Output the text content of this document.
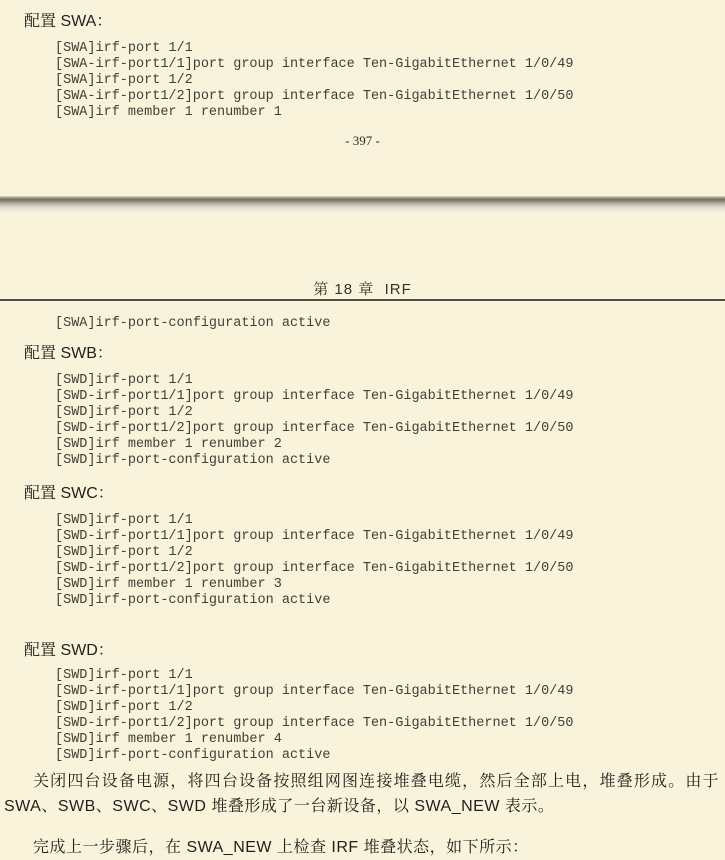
配置 SWA：
[SWA]irf-port 1/1
[SWA-irf-port1/1]port group interface Ten-GigabitEthernet 1/0/49
[SWA]irf-port 1/2
[SWA-irf-port1/2]port group interface Ten-GigabitEthernet 1/0/50
[SWA]irf member 1 renumber 1
- 397 -
第 18 章  IRF
[SWA]irf-port-configuration active
配置 SWB：
[SWD]irf-port 1/1
[SWD-irf-port1/1]port group interface Ten-GigabitEthernet 1/0/49
[SWD]irf-port 1/2
[SWD-irf-port1/2]port group interface Ten-GigabitEthernet 1/0/50
[SWD]irf member 1 renumber 2
[SWD]irf-port-configuration active
配置 SWC：
[SWD]irf-port 1/1
[SWD-irf-port1/1]port group interface Ten-GigabitEthernet 1/0/49
[SWD]irf-port 1/2
[SWD-irf-port1/2]port group interface Ten-GigabitEthernet 1/0/50
[SWD]irf member 1 renumber 3
[SWD]irf-port-configuration active
配置 SWD：
[SWD]irf-port 1/1
[SWD-irf-port1/1]port group interface Ten-GigabitEthernet 1/0/49
[SWD]irf-port 1/2
[SWD-irf-port1/2]port group interface Ten-GigabitEthernet 1/0/50
[SWD]irf member 1 renumber 4
[SWD]irf-port-configuration active

关闭四台设备电源，将四台设备按照组网图连接堆叠电缆，然后全部上电，堆叠形成。由于 SWA、SWB、SWC、SWD 堆叠形成了一台新设备，以 SWA_NEW 表示。

完成上一步骤后，在 SWA_NEW 上检查 IRF 堆叠状态，如下所示：
